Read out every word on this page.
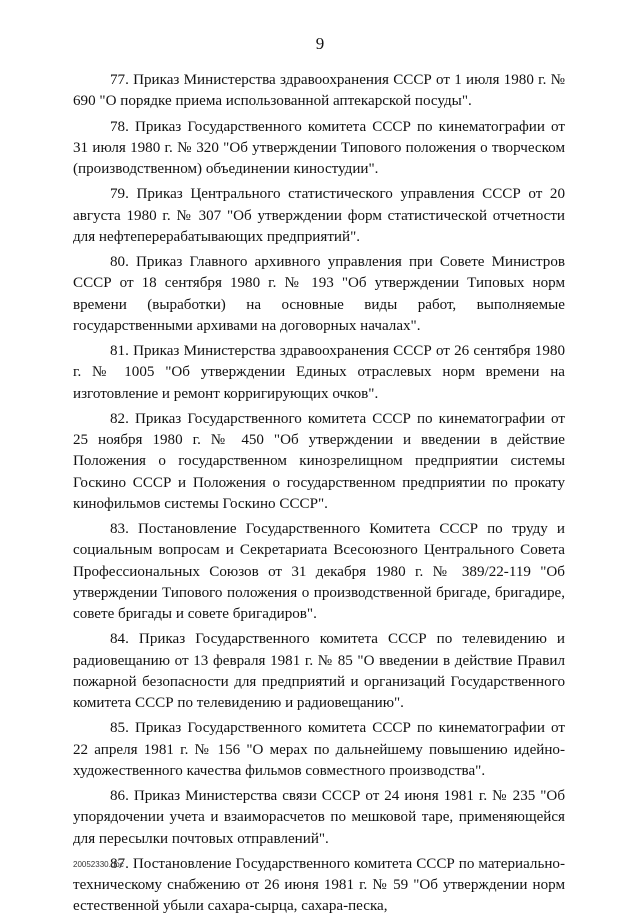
9

77. Приказ Министерства здравоохранения СССР от 1 июля 1980 г. № 690 "О порядке приема использованной аптекарской посуды".

78. Приказ Государственного комитета СССР по кинематографии от 31 июля 1980 г. № 320 "Об утверждении Типового положения о творческом (производственном) объединении киностудии".

79. Приказ Центрального статистического управления СССР от 20 августа 1980 г. № 307 "Об утверждении форм статистической отчетности для нефтеперерабатывающих предприятий".

80. Приказ Главного архивного управления при Совете Министров СССР от 18 сентября 1980 г. № 193 "Об утверждении Типовых норм времени (выработки) на основные виды работ, выполняемые государственными архивами на договорных началах".

81. Приказ Министерства здравоохранения СССР от 26 сентября 1980 г. № 1005 "Об утверждении Единых отраслевых норм времени на изготовление и ремонт корригирующих очков".

82. Приказ Государственного комитета СССР по кинематографии от 25 ноября 1980 г. № 450 "Об утверждении и введении в действие Положения о государственном кинозрелищном предприятии системы Госкино СССР и Положения о государственном предприятии по прокату кинофильмов системы Госкино СССР".

83. Постановление Государственного Комитета СССР по труду и социальным вопросам и Секретариата Всесоюзного Центрального Совета Профессиональных Союзов от 31 декабря 1980 г. № 389/22-119 "Об утверждении Типового положения о производственной бригаде, бригадире, совете бригады и совете бригадиров".

84. Приказ Государственного комитета СССР по телевидению и радиовещанию от 13 февраля 1981 г. № 85 "О введении в действие Правил пожарной безопасности для предприятий и организаций Государственного комитета СССР по телевидению и радиовещанию".

85. Приказ Государственного комитета СССР по кинематографии от 22 апреля 1981 г. № 156 "О мерах по дальнейшему повышению идейно-художественного качества фильмов совместного производства".

86. Приказ Министерства связи СССР от 24 июня 1981 г. № 235 "Об упорядочении учета и взаиморасчетов по мешковой таре, применяющейся для пересылки почтовых отправлений".

87. Постановление Государственного комитета СССР по материально-техническому снабжению от 26 июня 1981 г. № 59 "Об утверждении норм естественной убыли сахара-сырца, сахара-песка,

20052330.doc
